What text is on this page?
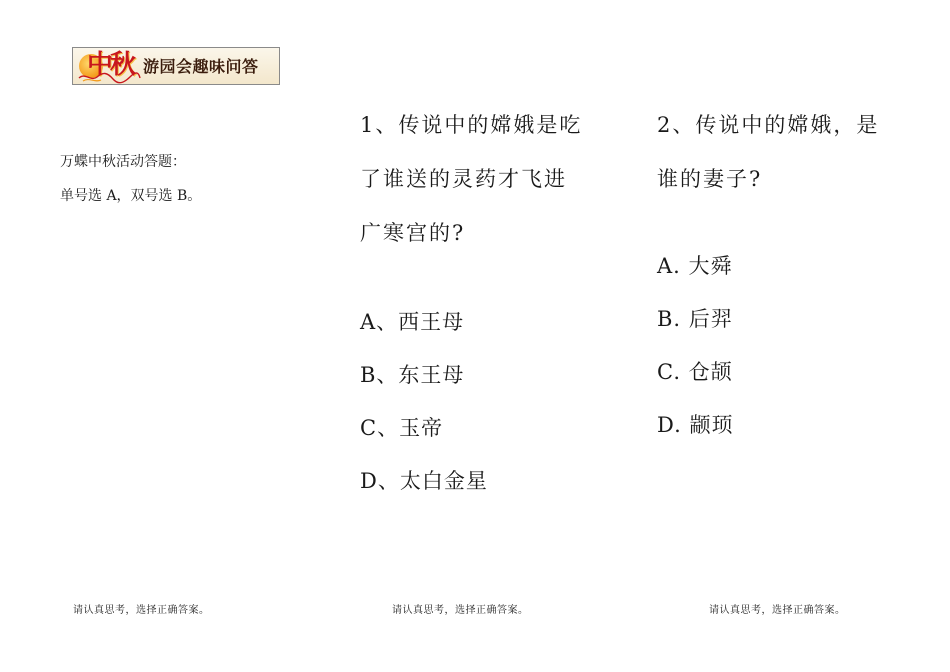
中秋 游园会趣味问答
万蝶中秋活动答题：
单号选 A，双号选 B。
1、传说中的嫦娥是吃
了谁送的灵药才飞进
广寒宫的?
A、西王母
B、东王母
C、玉帝
D、太白金星
2、传说中的嫦娥，是
谁的妻子?
A. 大舜
B. 后羿
C. 仓颉
D. 颛顼
请认真思考，选择正确答案。	请认真思考，选择正确答案。	请认真思考，选择正确答案。
